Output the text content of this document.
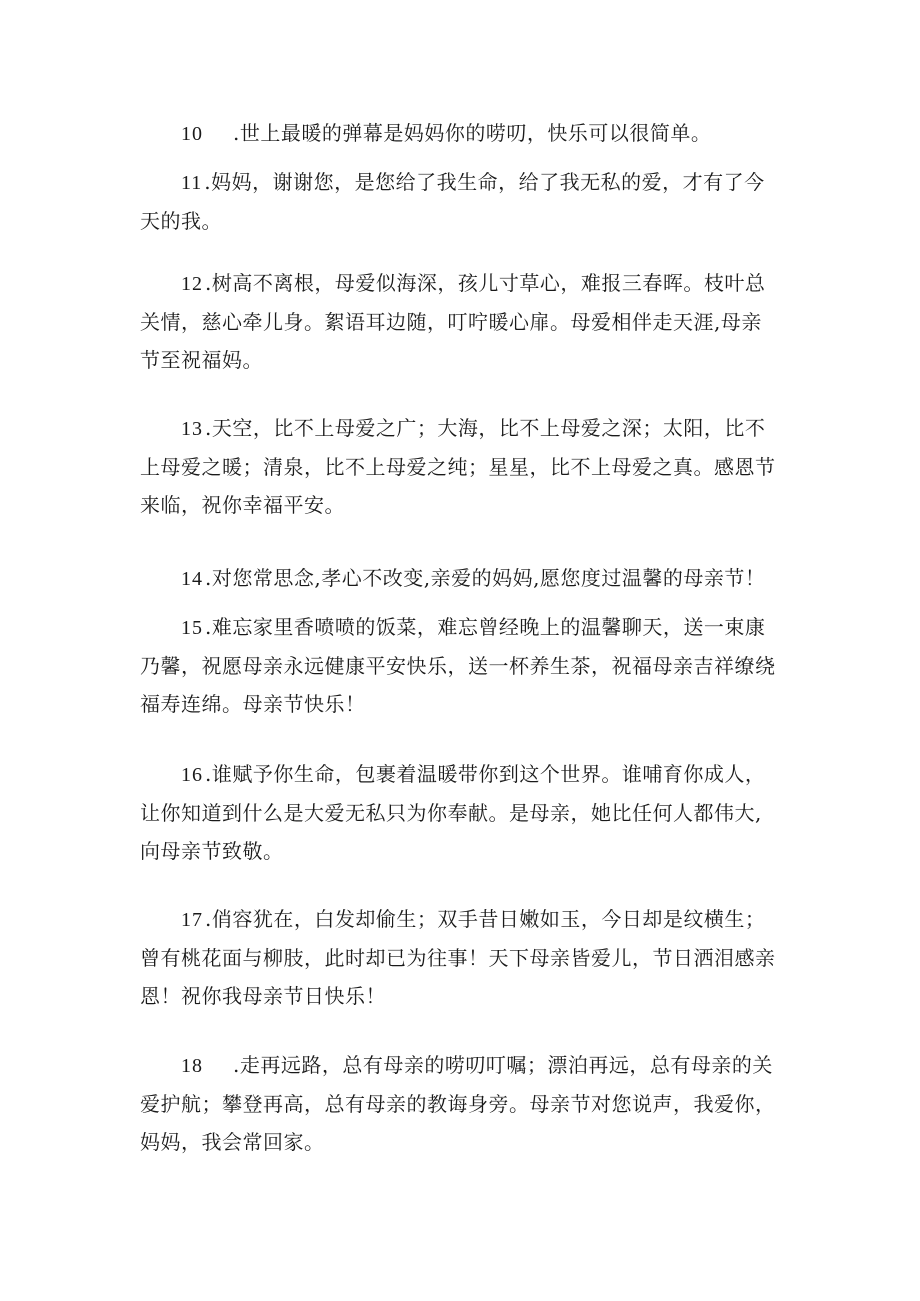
10 .世上最暖的弹幕是妈妈你的唠叨，快乐可以很简单。

11 .妈妈，谢谢您，是您给了我生命，给了我无私的爱，才有了今天的我。

12 .树高不离根，母爱似海深，孩儿寸草心，难报三春晖。枝叶总关情，慈心牵儿身。絮语耳边随，叮咛暖心扉。母爱相伴走天涯,母亲节至祝福妈。

13 .天空，比不上母爱之广；大海，比不上母爱之深；太阳，比不上母爱之暖；清泉，比不上母爱之纯；星星，比不上母爱之真。感恩节来临，祝你幸福平安。

14 .对您常思念,孝心不改变,亲爱的妈妈,愿您度过温馨的母亲节！

15 .难忘家里香喷喷的饭菜，难忘曾经晚上的温馨聊天，送一束康乃馨，祝愿母亲永远健康平安快乐，送一杯养生茶，祝福母亲吉祥缭绕福寿连绵。母亲节快乐！

16 .谁赋予你生命，包裹着温暖带你到这个世界。谁哺育你成人，让你知道到什么是大爱无私只为你奉献。是母亲，她比任何人都伟大,向母亲节致敬。

17 .俏容犹在，白发却偷生；双手昔日嫩如玉，今日却是纹横生；曾有桃花面与柳肢，此时却已为往事！天下母亲皆爱儿，节日洒泪感亲恩！祝你我母亲节日快乐！

18 .走再远路，总有母亲的唠叨叮嘱；漂泊再远，总有母亲的关爱护航；攀登再高，总有母亲的教诲身旁。母亲节对您说声，我爱你，妈妈，我会常回家。
